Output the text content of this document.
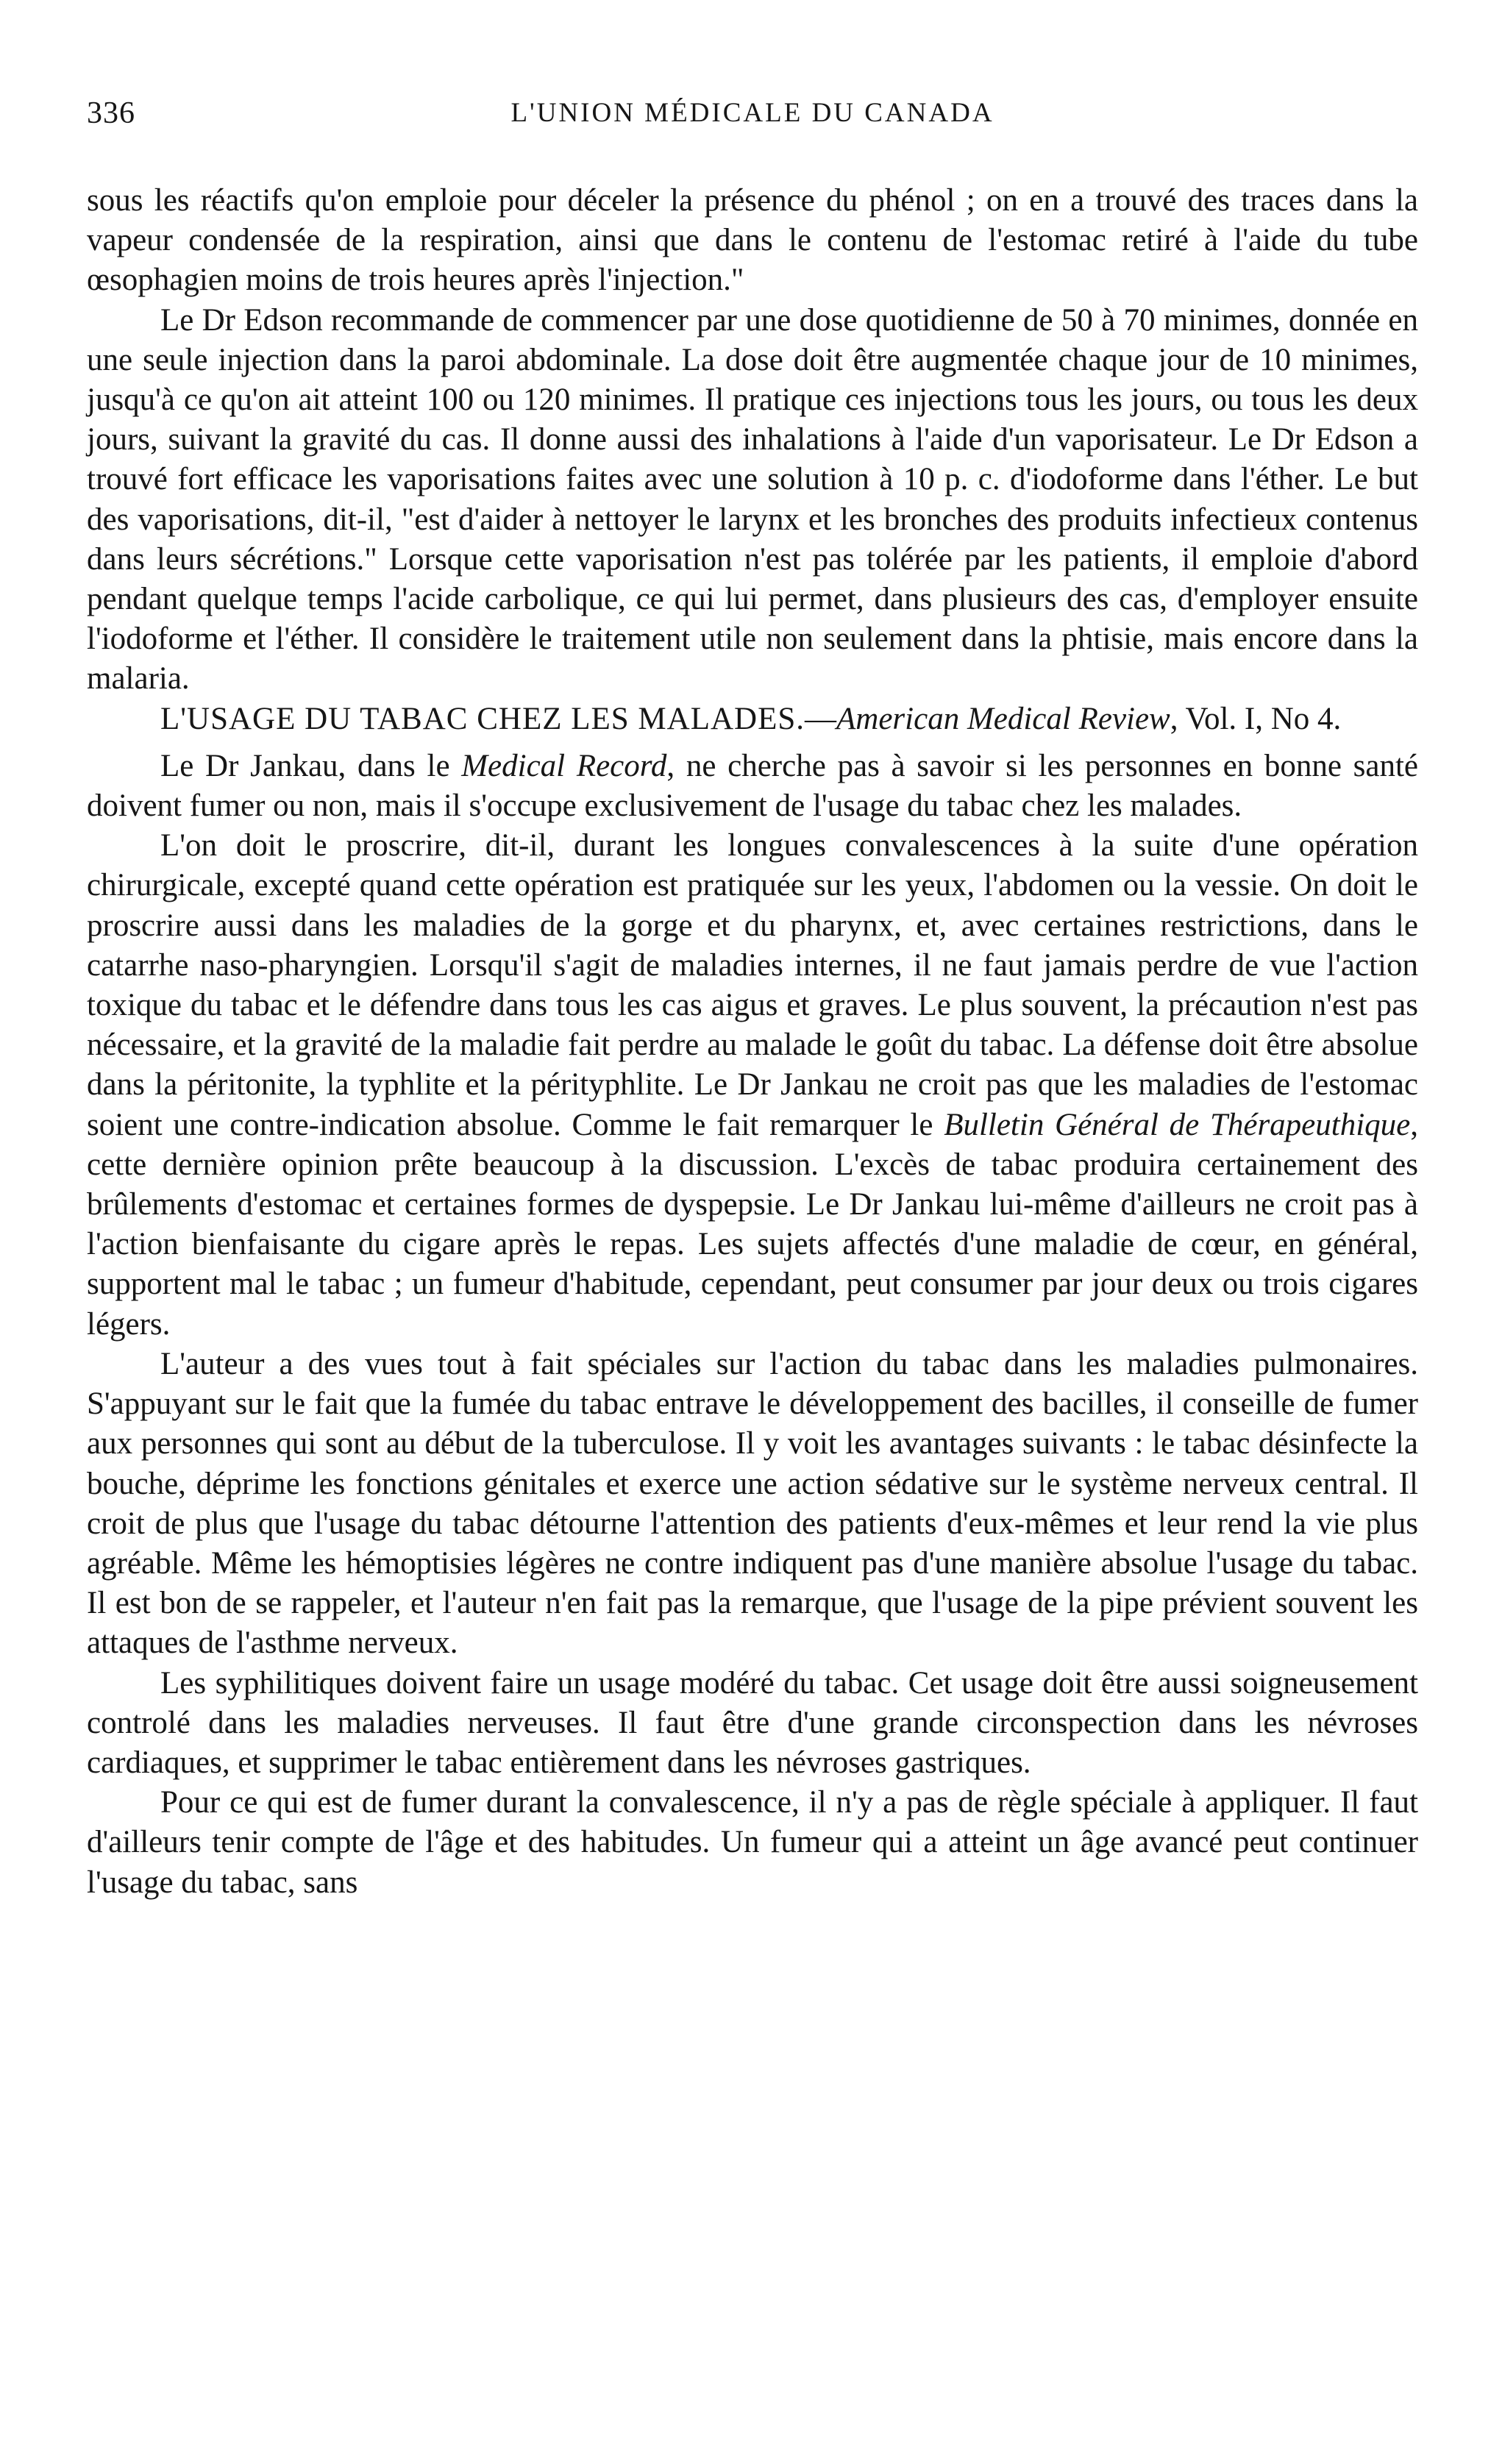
336	L'UNION MÉDICALE DU CANADA

sous les réactifs qu'on emploie pour déceler la présence du phénol ; on en a trouvé des traces dans la vapeur condensée de la respiration, ainsi que dans le contenu de l'estomac retiré à l'aide du tube œsophagien moins de trois heures après l'injection."

Le Dr Edson recommande de commencer par une dose quotidienne de 50 à 70 minimes, donnée en une seule injection dans la paroi abdominale. La dose doit être augmentée chaque jour de 10 minimes, jusqu'à ce qu'on ait atteint 100 ou 120 minimes. Il pratique ces injections tous les jours, ou tous les deux jours, suivant la gravité du cas. Il donne aussi des inhalations à l'aide d'un vaporisateur. Le Dr Edson a trouvé fort efficace les vaporisations faites avec une solution à 10 p. c. d'iodoforme dans l'éther. Le but des vaporisations, dit-il, "est d'aider à nettoyer le larynx et les bronches des produits infectieux contenus dans leurs sécrétions." Lorsque cette vaporisation n'est pas tolérée par les patients, il emploie d'abord pendant quelque temps l'acide carbolique, ce qui lui permet, dans plusieurs des cas, d'employer ensuite l'iodoforme et l'éther. Il considère le traitement utile non seulement dans la phtisie, mais encore dans la malaria.

L'USAGE DU TABAC CHEZ LES MALADES.—American Medical Review, Vol. I, No 4.

Le Dr Jankau, dans le Medical Record, ne cherche pas à savoir si les personnes en bonne santé doivent fumer ou non, mais il s'occupe exclusivement de l'usage du tabac chez les malades.

L'on doit le proscrire, dit-il, durant les longues convalescences à la suite d'une opération chirurgicale, excepté quand cette opération est pratiquée sur les yeux, l'abdomen ou la vessie. On doit le proscrire aussi dans les maladies de la gorge et du pharynx, et, avec certaines restrictions, dans le catarrhe naso-pharyngien. Lorsqu'il s'agit de maladies internes, il ne faut jamais perdre de vue l'action toxique du tabac et le défendre dans tous les cas aigus et graves. Le plus souvent, la précaution n'est pas nécessaire, et la gravité de la maladie fait perdre au malade le goût du tabac. La défense doit être absolue dans la péritonite, la typhlite et la pérityphlite. Le Dr Jankau ne croit pas que les maladies de l'estomac soient une contre-indication absolue. Comme le fait remarquer le Bulletin Général de Thérapeuthique, cette dernière opinion prête beaucoup à la discussion. L'excès de tabac produira certainement des brûlements d'estomac et certaines formes de dyspepsie. Le Dr Jankau lui-même d'ailleurs ne croit pas à l'action bienfaisante du cigare après le repas. Les sujets affectés d'une maladie de cœur, en général, supportent mal le tabac ; un fumeur d'habitude, cependant, peut consumer par jour deux ou trois cigares légers.

L'auteur a des vues tout à fait spéciales sur l'action du tabac dans les maladies pulmonaires. S'appuyant sur le fait que la fumée du tabac entrave le développement des bacilles, il conseille de fumer aux personnes qui sont au début de la tuberculose. Il y voit les avantages suivants : le tabac désinfecte la bouche, déprime les fonctions génitales et exerce une action sédative sur le système nerveux central. Il croit de plus que l'usage du tabac détourne l'attention des patients d'eux-mêmes et leur rend la vie plus agréable. Même les hémoptisies légères ne contre indiquent pas d'une manière absolue l'usage du tabac. Il est bon de se rappeler, et l'auteur n'en fait pas la remarque, que l'usage de la pipe prévient souvent les attaques de l'asthme nerveux.

Les syphilitiques doivent faire un usage modéré du tabac. Cet usage doit être aussi soigneusement controlé dans les maladies nerveuses. Il faut être d'une grande circonspection dans les névroses cardiaques, et supprimer le tabac entièrement dans les névroses gastriques.

Pour ce qui est de fumer durant la convalescence, il n'y a pas de règle spéciale à appliquer. Il faut d'ailleurs tenir compte de l'âge et des habitudes. Un fumeur qui a atteint un âge avancé peut continuer l'usage du tabac, sans
